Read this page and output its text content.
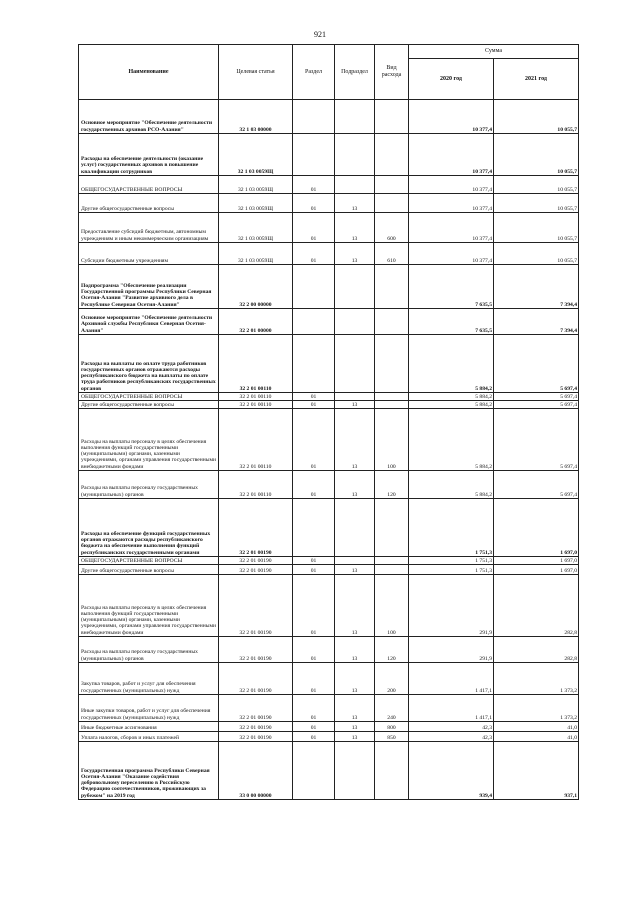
921
Наименование	Целевая статья	Раздел	Подраздел	Вид расхода	Сумма	
					2020 год	2021 год
Основное мероприятие "Обеспечение деятельности государственных архивов РСО-Алания"	32 1 03 00000				10 377,4	10 055,7
Расходы на обеспечение деятельности (оказание услуг) государственных архивов в повышение квалификации сотрудников	32 1 03 0059Щ				10 377,4	10 055,7
ОБЩЕГОСУДАРСТВЕННЫЕ ВОПРОСЫ	32 1 03 0059Щ	01			10 377,4	10 055,7
Другие общегосударственные вопросы	32 1 03 0059Щ	01	13		10 377,4	10 055,7
Предоставление субсидий бюджетным, автономным учреждениям и иным некоммерческим организациям	32 1 03 0059Щ	01	13	600	10 377,4	10 055,7
Субсидии бюджетным учреждениям	32 1 03 0059Щ	01	13	610	10 377,4	10 055,7
Подпрограмма "Обеспечение реализации Государственной программы Республики Северная Осетия-Алания "Развитие архивного дела в Республике Северная Осетия-Алания"	32 2 00 00000				7 635,5	7 394,4
Основное мероприятие "Обеспечение деятельности Архивной службы Республики Северная Осетия-Алания"	32 2 01 00000				7 635,5	7 394,4
Расходы на выплаты по оплате труда работников государственных органов отражаются расходы республиканского бюджета на выплаты по оплате труда работников республиканских государственных органов	32 2 01 00110				5 884,2	5 697,4
ОБЩЕГОСУДАРСТВЕННЫЕ ВОПРОСЫ	32 2 01 00110	01			5 884,2	5 697,4
Другие общегосударственные вопросы	32 2 01 00110	01	13		5 884,2	5 697,4
Расходы на выплаты персоналу в целях обеспечения выполнения функций государственными (муниципальными) органами, казенными учреждениями, органами управления государственными внебюджетными фондами	32 2 01 00110	01	13	100	5 884,2	5 697,4
Расходы на выплаты персоналу государственных (муниципальных) органов	32 2 01 00110	01	13	120	5 884,2	5 697,4
Расходы на обеспечение функций государственных органов отражаются расходы республиканского бюджета на обеспечение выполнения функций республиканских государственными органами	32 2 01 00190				1 751,3	1 697,0
ОБЩЕГОСУДАРСТВЕННЫЕ ВОПРОСЫ	32 2 01 00190	01			1 751,3	1 697,0
Другие общегосударственные вопросы	32 2 01 00190	01	13		1 751,3	1 697,0
Расходы на выплаты персоналу в целях обеспечения выполнения функций государственными (муниципальными) органами, казенными учреждениями, органами управления государственными внебюджетными фондами	32 2 01 00190	01	13	100	291,9	282,8
Расходы на выплаты персоналу государственных (муниципальных) органов	32 2 01 00190	01	13	120	291,9	282,8
Закупка товаров, работ и услуг для обеспечения государственных (муниципальных) нужд	32 2 01 00190	01	13	200	1 417,1	1 373,2
Иные закупки товаров, работ и услуг для обеспечения государственных (муниципальных) нужд	32 2 01 00190	01	13	240	1 417,1	1 373,2
Иные бюджетные ассигнования	32 2 01 00190	01	13	800	42,3	41,0
Уплата налогов, сборов и иных платежей	32 2 01 00190	01	13	850	42,3	41,0
Государственная программа Республики Северная Осетия-Алания "Оказание содействия добровольному переселению в Российскую Федерацию соотечественников, проживающих за рубежом" на 2019 год	33 0 00 00000				939,4	937,1
